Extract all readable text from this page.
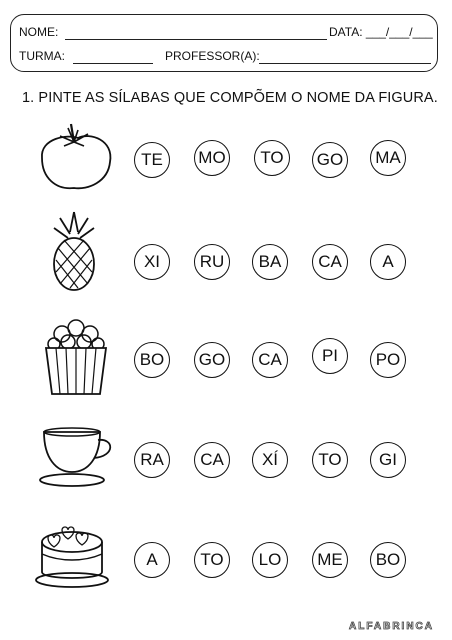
NOME:	DATA: ___/___/___
TURMA:	PROFESSOR(A):
1. PINTE AS SÍLABAS QUE COMPÕEM O NOME DA FIGURA.
TE MO TO GO MA
XI RU BA CA A
BO GO CA PI PO
RA CA XÍ TO GI
A	TO LO ME BO
ALFABRINCA
